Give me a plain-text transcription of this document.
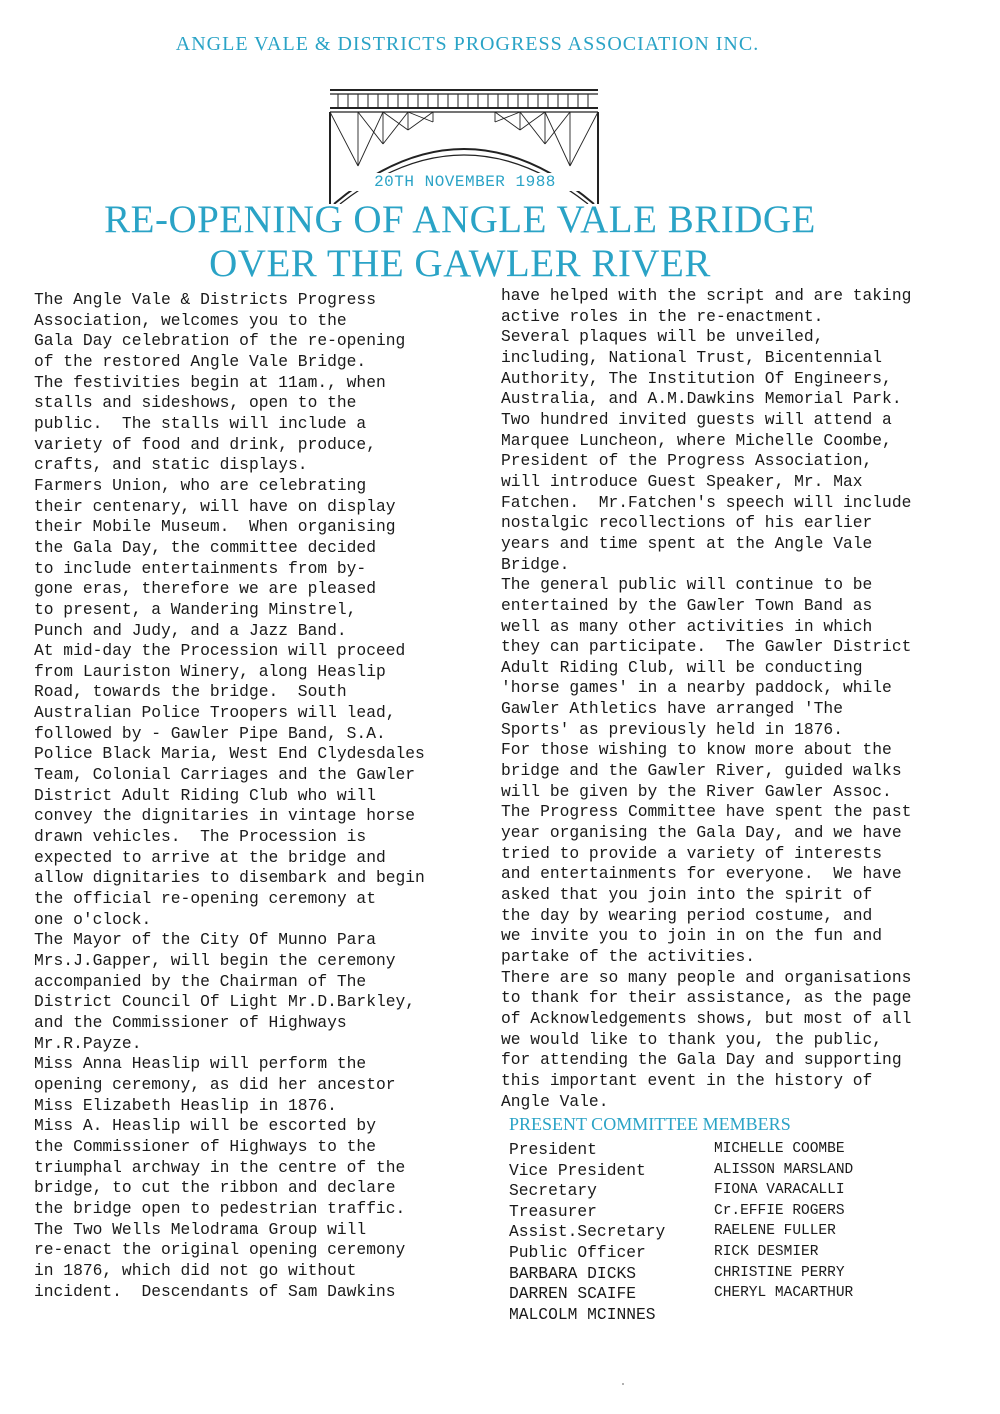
ANGLE VALE & DISTRICTS PROGRESS ASSOCIATION INC.
20TH NOVEMBER 1988
RE-OPENING OF ANGLE VALE BRIDGE
OVER THE GAWLER RIVER
The Angle Vale & Districts Progress
Association, welcomes you to the
Gala Day celebration of the re-opening
of the restored Angle Vale Bridge.
The festivities begin at 11am., when
stalls and sideshows, open to the
public.  The stalls will include a
variety of food and drink, produce,
crafts, and static displays.
Farmers Union, who are celebrating
their centenary, will have on display
their Mobile Museum.  When organising
the Gala Day, the committee decided
to include entertainments from by-
gone eras, therefore we are pleased
to present, a Wandering Minstrel,
Punch and Judy, and a Jazz Band.
At mid-day the Procession will proceed
from Lauriston Winery, along Heaslip
Road, towards the bridge.  South
Australian Police Troopers will lead,
followed by - Gawler Pipe Band, S.A.
Police Black Maria, West End Clydesdales
Team, Colonial Carriages and the Gawler
District Adult Riding Club who will
convey the dignitaries in vintage horse
drawn vehicles.  The Procession is
expected to arrive at the bridge and
allow dignitaries to disembark and begin
the official re-opening ceremony at
one o'clock.
The Mayor of the City Of Munno Para
Mrs.J.Gapper, will begin the ceremony
accompanied by the Chairman of The
District Council Of Light Mr.D.Barkley,
and the Commissioner of Highways
Mr.R.Payze.
Miss Anna Heaslip will perform the
opening ceremony, as did her ancestor
Miss Elizabeth Heaslip in 1876.
Miss A. Heaslip will be escorted by
the Commissioner of Highways to the
triumphal archway in the centre of the
bridge, to cut the ribbon and declare
the bridge open to pedestrian traffic.
The Two Wells Melodrama Group will
re-enact the original opening ceremony
in 1876, which did not go without
incident.  Descendants of Sam Dawkins
have helped with the script and are taking
active roles in the re-enactment.
Several plaques will be unveiled,
including, National Trust, Bicentennial
Authority, The Institution Of Engineers,
Australia, and A.M.Dawkins Memorial Park.
Two hundred invited guests will attend a
Marquee Luncheon, where Michelle Coombe,
President of the Progress Association,
will introduce Guest Speaker, Mr. Max
Fatchen.  Mr.Fatchen's speech will include
nostalgic recollections of his earlier
years and time spent at the Angle Vale
Bridge.
The general public will continue to be
entertained by the Gawler Town Band as
well as many other activities in which
they can participate.  The Gawler District
Adult Riding Club, will be conducting
'horse games' in a nearby paddock, while
Gawler Athletics have arranged 'The
Sports' as previously held in 1876.
For those wishing to know more about the
bridge and the Gawler River, guided walks
will be given by the River Gawler Assoc.
The Progress Committee have spent the past
year organising the Gala Day, and we have
tried to provide a variety of interests
and entertainments for everyone.  We have
asked that you join into the spirit of
the day by wearing period costume, and
we invite you to join in on the fun and
partake of the activities.
There are so many people and organisations
to thank for their assistance, as the page
of Acknowledgements shows, but most of all
we would like to thank you, the public,
for attending the Gala Day and supporting
this important event in the history of
Angle Vale.
PRESENT COMMITTEE MEMBERS
President
Vice President
Secretary
Treasurer
Assist.Secretary
Public Officer
BARBARA DICKS
DARREN SCAIFE
MALCOLM MCINNES
MICHELLE COOMBE
ALISSON MARSLAND
FIONA VARACALLI
Cr.EFFIE ROGERS
RAELENE FULLER
RICK DESMIER
CHRISTINE PERRY
CHERYL MACARTHUR
